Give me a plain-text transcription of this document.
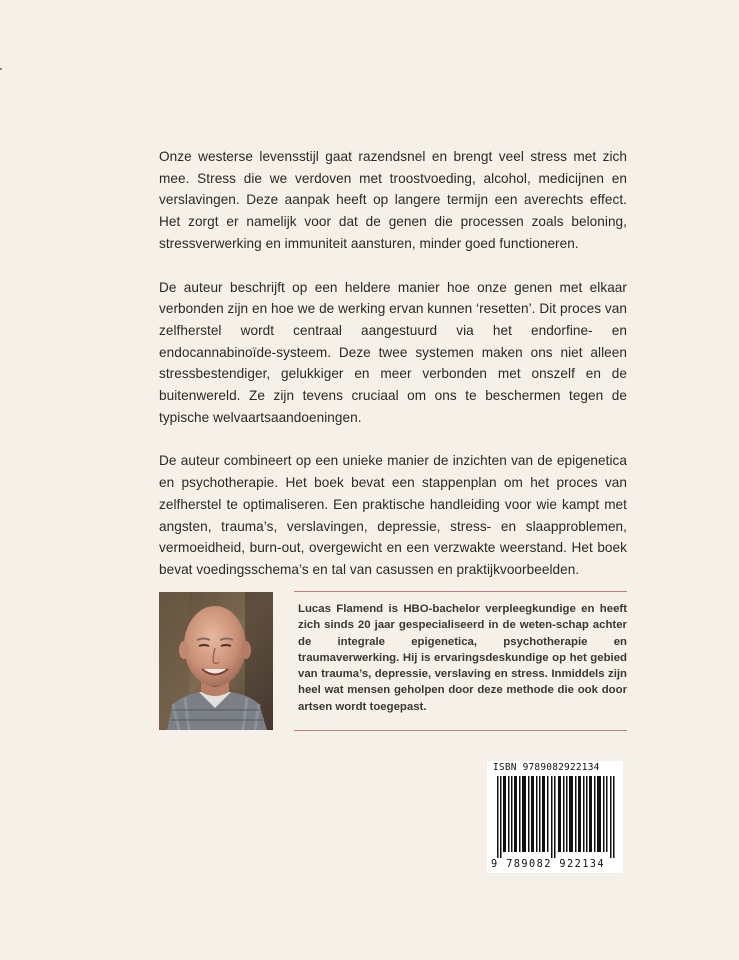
Onze westerse levensstijl gaat razendsnel en brengt veel stress met zich mee. Stress die we verdoven met troostvoeding, alcohol, medicijnen en verslavingen. Deze aanpak heeft op langere termijn een averechts effect. Het zorgt er namelijk voor dat de genen die processen zoals beloning, stressverwerking en immuniteit aansturen, minder goed functioneren.

De auteur beschrijft op een heldere manier hoe onze genen met elkaar verbonden zijn en hoe we de werking ervan kunnen ‘resetten’. Dit proces van zelfherstel wordt centraal aangestuurd via het endorfine- en endocannabinoïde-systeem. Deze twee systemen maken ons niet alleen stressbestendiger, gelukkiger en meer verbonden met onszelf en de buitenwereld. Ze zijn tevens cruciaal om ons te beschermen tegen de typische welvaartsaandoeningen.

De auteur combineert op een unieke manier de inzichten van de epigenetica en psychotherapie. Het boek bevat een stappenplan om het proces van zelfherstel te optimaliseren. Een praktische handleiding voor wie kampt met angsten, trauma’s, verslavingen, depressie, stress- en slaapproblemen, vermoeidheid, burn-out, overgewicht en een verzwakte weerstand. Het boek bevat voedingsschema’s en tal van casussen en praktijkvoorbeelden.

Lucas Flamend is HBO-bachelor verpleegkundige en heeft zich sinds 20 jaar gespecialiseerd in de weten-schap achter de integrale epigenetica, psychotherapie en traumaverwerking. Hij is ervaringsdeskundige op het gebied van trauma’s, depressie, verslaving en stress. Inmiddels zijn heel wat mensen geholpen door deze methode die ook door artsen wordt toegepast.
ISBN 9789082922134
9 789082 922134
